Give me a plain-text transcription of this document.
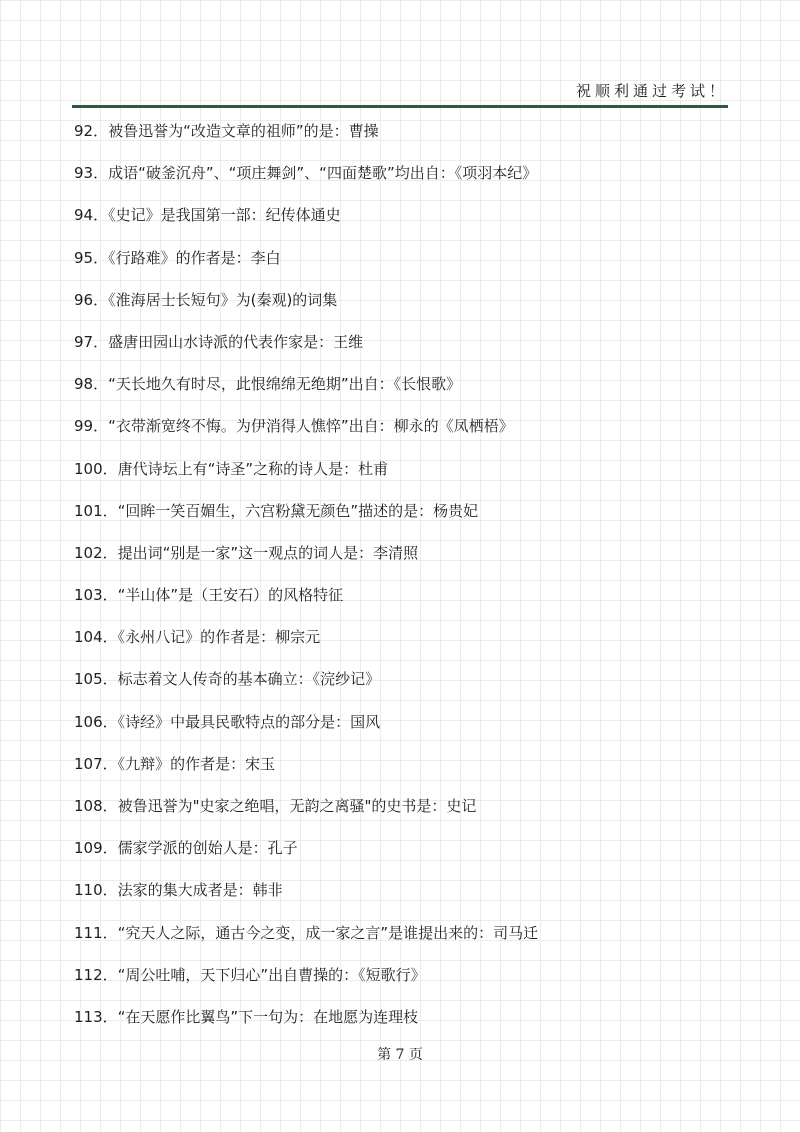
祝顺利通过考试！
92．被鲁迅誉为“改造文章的祖师”的是：曹操
93．成语“破釜沉舟”、“项庄舞剑”、“四面楚歌”均出自：《项羽本纪》
94．《史记》是我国第一部：纪传体通史
95．《行路难》的作者是：李白
96．《淮海居士长短句》为(秦观)的词集
97．盛唐田园山水诗派的代表作家是：王维
98．“天长地久有时尽，此恨绵绵无绝期”出自：《长恨歌》
99．“衣带渐宽终不悔。为伊消得人憔悴”出自：柳永的《凤栖梧》
100．唐代诗坛上有“诗圣”之称的诗人是：杜甫
101．“回眸一笑百媚生，六宫粉黛无颜色”描述的是：杨贵妃
102．提出词“别是一家”这一观点的词人是：李清照
103．“半山体”是（王安石）的风格特征
104．《永州八记》的作者是：柳宗元
105．标志着文人传奇的基本确立：《浣纱记》
106．《诗经》中最具民歌特点的部分是：国风
107．《九辩》的作者是：宋玉
108．被鲁迅誉为"史家之绝唱，无韵之离骚"的史书是：史记
109．儒家学派的创始人是：孔子
110．法家的集大成者是：韩非
111．“究天人之际，通古今之变，成一家之言”是谁提出来的：司马迁
112．“周公吐哺，天下归心”出自曹操的：《短歌行》
113．“在天愿作比翼鸟”下一句为：在地愿为连理枝
第 7 页
